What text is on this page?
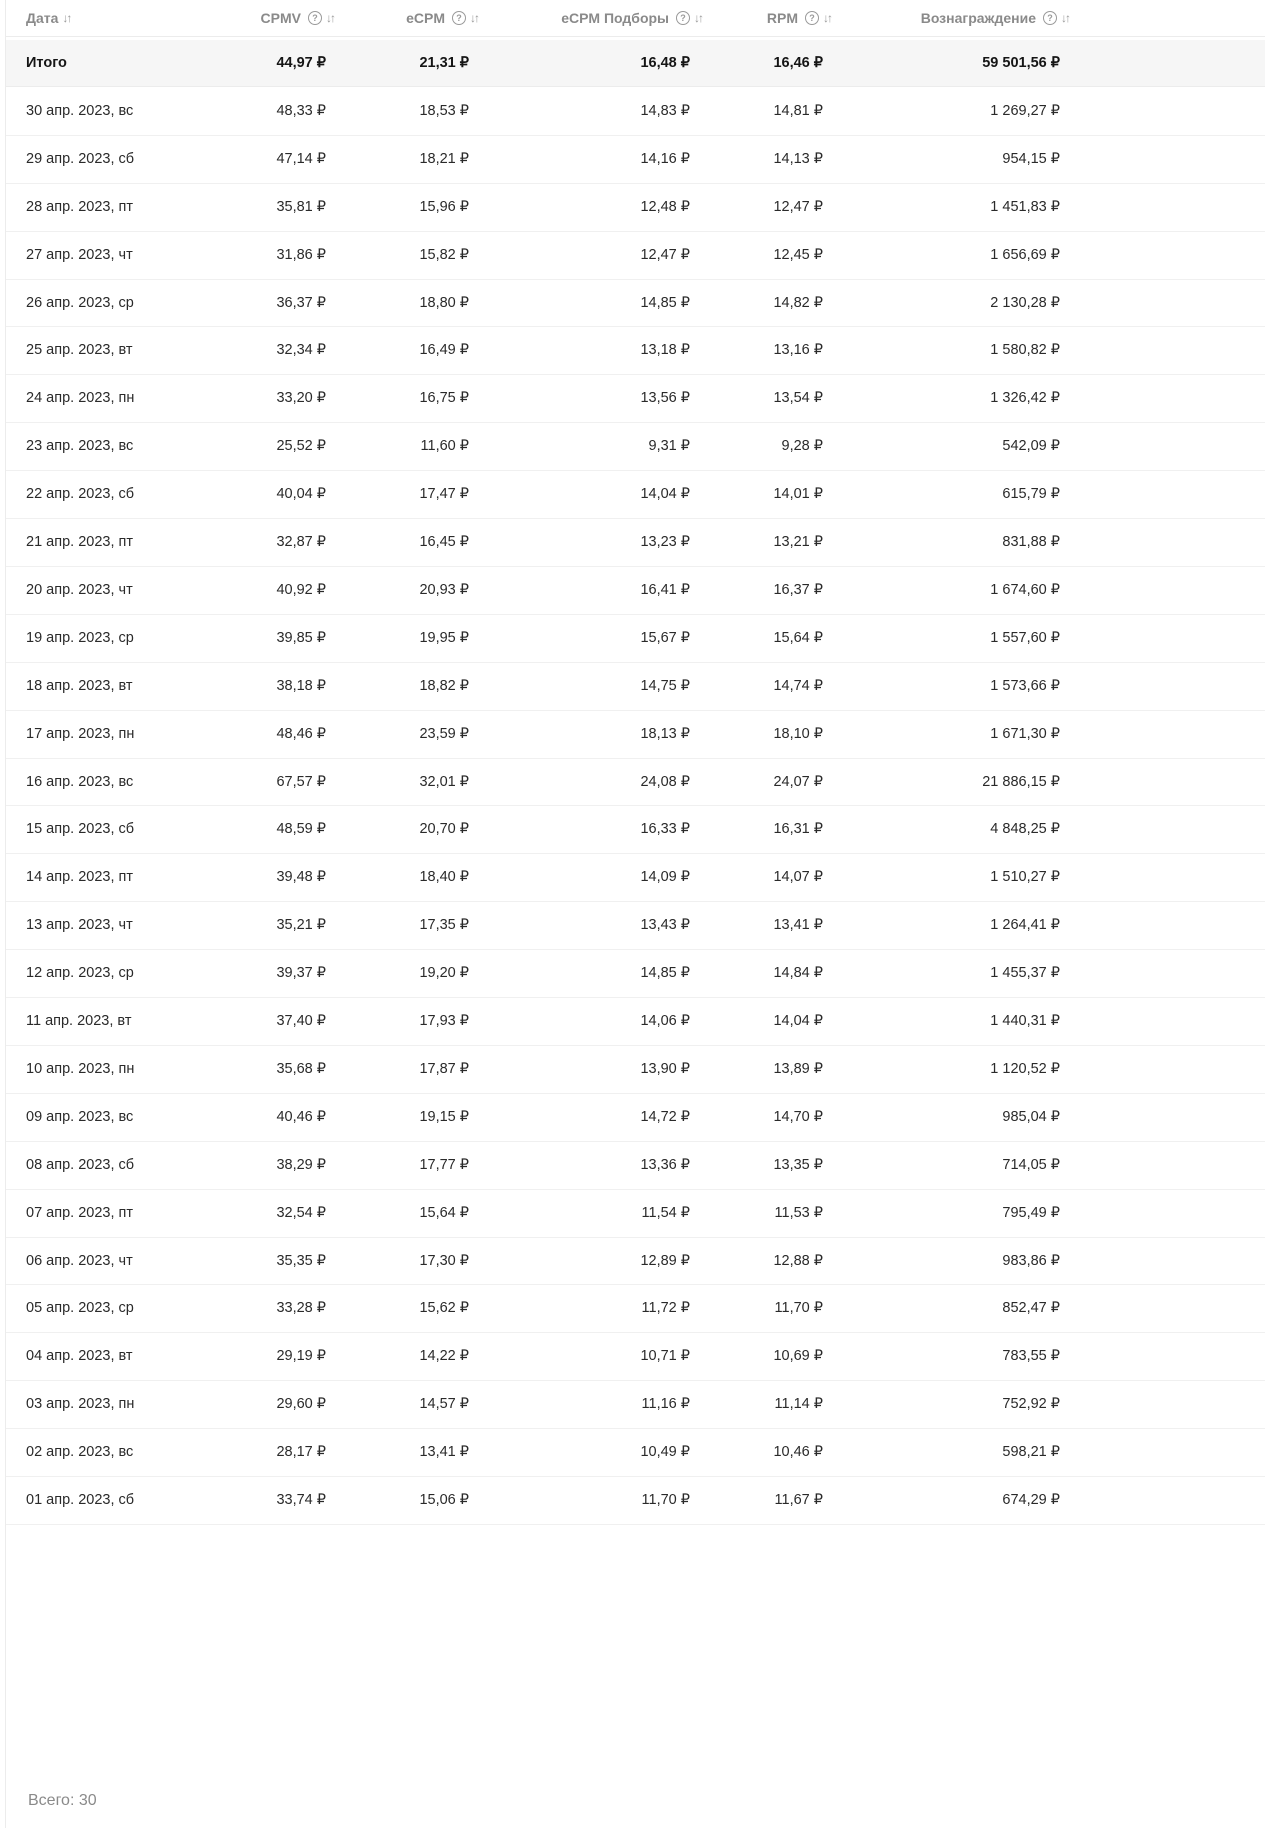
Дата ↓↑	CPMV	? ↓↑	eCPM	? ↓↑	eCPM Подборы	? ↓↑	RPM	? ↓↑	Вознаграждение	? ↓↑
Итого	44,97 ₽	21,31 ₽	16,48 ₽	16,46 ₽	59 501,56 ₽
30 апр. 2023, вс	48,33 ₽	18,53 ₽	14,83 ₽	14,81 ₽	1 269,27 ₽
29 апр. 2023, сб	47,14 ₽	18,21 ₽	14,16 ₽	14,13 ₽	954,15 ₽
28 апр. 2023, пт	35,81 ₽	15,96 ₽	12,48 ₽	12,47 ₽	1 451,83 ₽
27 апр. 2023, чт	31,86 ₽	15,82 ₽	12,47 ₽	12,45 ₽	1 656,69 ₽
26 апр. 2023, ср	36,37 ₽	18,80 ₽	14,85 ₽	14,82 ₽	2 130,28 ₽
25 апр. 2023, вт	32,34 ₽	16,49 ₽	13,18 ₽	13,16 ₽	1 580,82 ₽
24 апр. 2023, пн	33,20 ₽	16,75 ₽	13,56 ₽	13,54 ₽	1 326,42 ₽
23 апр. 2023, вс	25,52 ₽	11,60 ₽	9,31 ₽	9,28 ₽	542,09 ₽
22 апр. 2023, сб	40,04 ₽	17,47 ₽	14,04 ₽	14,01 ₽	615,79 ₽
21 апр. 2023, пт	32,87 ₽	16,45 ₽	13,23 ₽	13,21 ₽	831,88 ₽
20 апр. 2023, чт	40,92 ₽	20,93 ₽	16,41 ₽	16,37 ₽	1 674,60 ₽
19 апр. 2023, ср	39,85 ₽	19,95 ₽	15,67 ₽	15,64 ₽	1 557,60 ₽
18 апр. 2023, вт	38,18 ₽	18,82 ₽	14,75 ₽	14,74 ₽	1 573,66 ₽
17 апр. 2023, пн	48,46 ₽	23,59 ₽	18,13 ₽	18,10 ₽	1 671,30 ₽
16 апр. 2023, вс	67,57 ₽	32,01 ₽	24,08 ₽	24,07 ₽	21 886,15 ₽
15 апр. 2023, сб	48,59 ₽	20,70 ₽	16,33 ₽	16,31 ₽	4 848,25 ₽
14 апр. 2023, пт	39,48 ₽	18,40 ₽	14,09 ₽	14,07 ₽	1 510,27 ₽
13 апр. 2023, чт	35,21 ₽	17,35 ₽	13,43 ₽	13,41 ₽	1 264,41 ₽
12 апр. 2023, ср	39,37 ₽	19,20 ₽	14,85 ₽	14,84 ₽	1 455,37 ₽
11 апр. 2023, вт	37,40 ₽	17,93 ₽	14,06 ₽	14,04 ₽	1 440,31 ₽
10 апр. 2023, пн	35,68 ₽	17,87 ₽	13,90 ₽	13,89 ₽	1 120,52 ₽
09 апр. 2023, вс	40,46 ₽	19,15 ₽	14,72 ₽	14,70 ₽	985,04 ₽
08 апр. 2023, сб	38,29 ₽	17,77 ₽	13,36 ₽	13,35 ₽	714,05 ₽
07 апр. 2023, пт	32,54 ₽	15,64 ₽	11,54 ₽	11,53 ₽	795,49 ₽
06 апр. 2023, чт	35,35 ₽	17,30 ₽	12,89 ₽	12,88 ₽	983,86 ₽
05 апр. 2023, ср	33,28 ₽	15,62 ₽	11,72 ₽	11,70 ₽	852,47 ₽
04 апр. 2023, вт	29,19 ₽	14,22 ₽	10,71 ₽	10,69 ₽	783,55 ₽
03 апр. 2023, пн	29,60 ₽	14,57 ₽	11,16 ₽	11,14 ₽	752,92 ₽
02 апр. 2023, вс	28,17 ₽	13,41 ₽	10,49 ₽	10,46 ₽	598,21 ₽
01 апр. 2023, сб	33,74 ₽	15,06 ₽	11,70 ₽	11,67 ₽	674,29 ₽
Всего: 30
